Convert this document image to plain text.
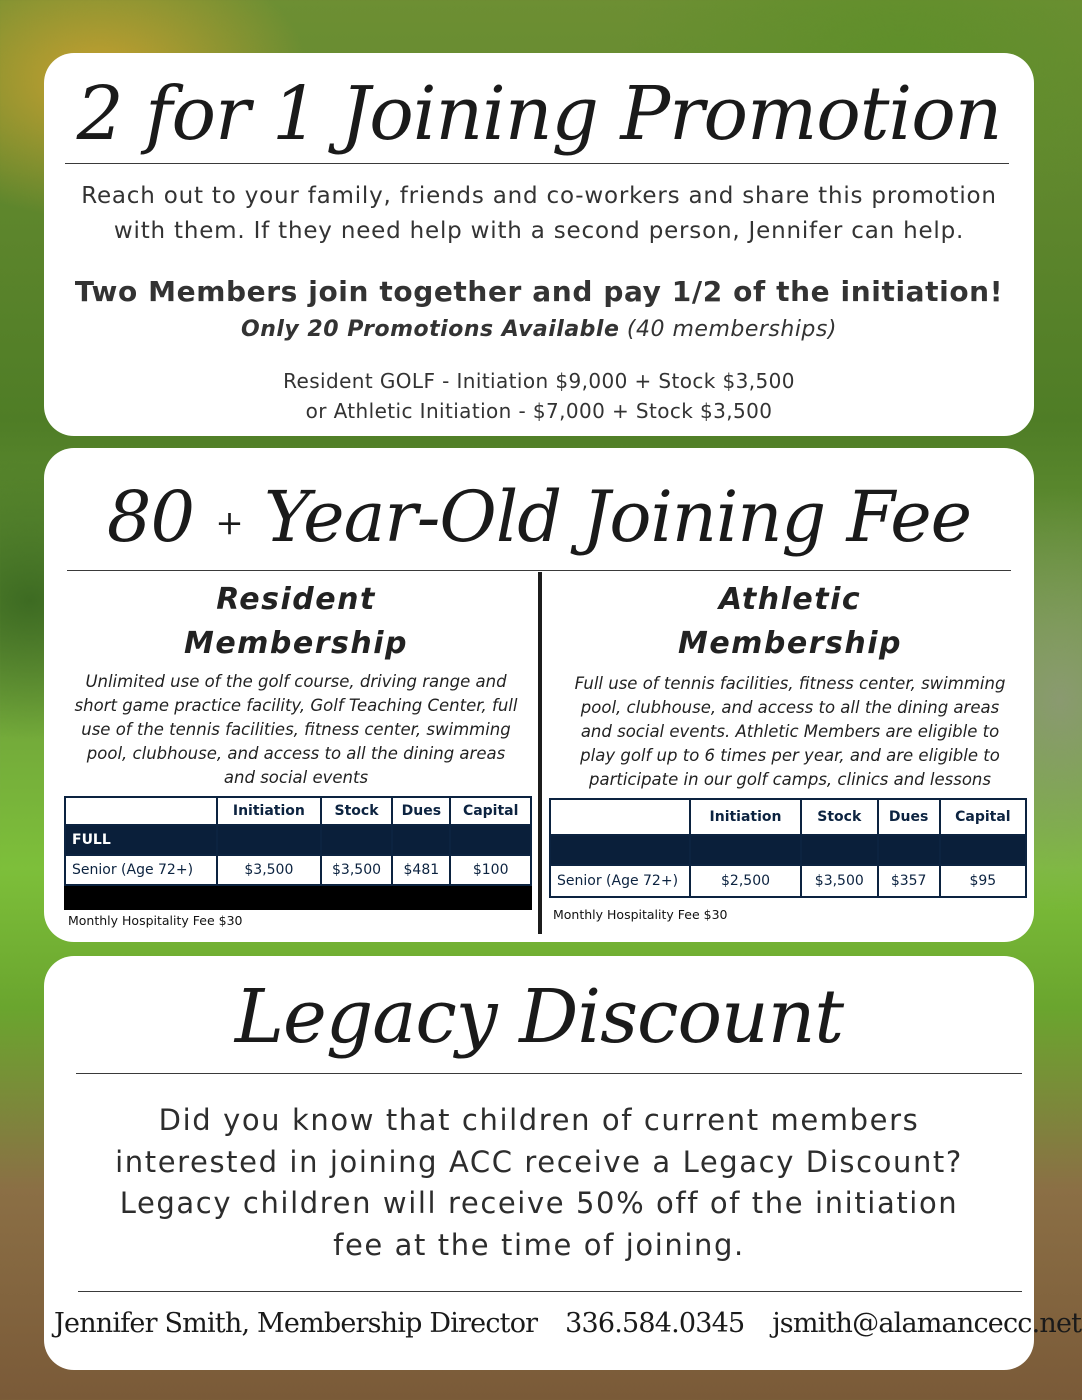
2 for 1 Joining Promotion
Reach out to your family, friends and co-workers and share this promotion
with them. If they need help with a second person, Jennifer can help.
Two Members join together and pay 1/2 of the initiation!
Only 20 Promotions Available (40 memberships)
Resident GOLF - Initiation $9,000 + Stock $3,500
or Athletic Initiation - $7,000 + Stock $3,500
80 + Year-Old Joining Fee
Resident
Membership
Unlimited use of the golf course, driving range and short game practice facility, Golf Teaching Center, full use of the tennis facilities, fitness center, swimming pool, clubhouse, and access to all the dining areas and social events
	Initiation	Stock	Dues	Capital
FULL				
Senior (Age 72+)	$3,500	$3,500	$481	$100

Monthly Hospitality Fee $30
Athletic
Membership
Full use of tennis facilities, fitness center, swimming pool, clubhouse, and access to all the dining areas and social events. Athletic Members are eligible to play golf up to 6 times per year, and are eligible to participate in our golf camps, clinics and lessons
	Initiation	Stock	Dues	Capital

Senior (Age 72+)	$2,500	$3,500	$357	$95
Monthly Hospitality Fee $30
Legacy Discount
Did you know that children of current members interested in joining ACC receive a Legacy Discount? Legacy children will receive 50% off of the initiation fee at the time of joining.
Jennifer Smith, Membership Director 336.584.0345 jsmith@alamancecc.net
